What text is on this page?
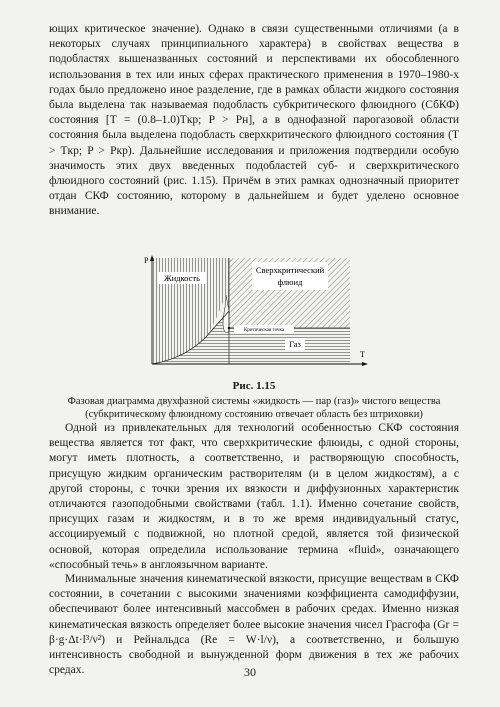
ющих критическое значение). Однако в связи существенными отличиями (а в некоторых случаях принципиального характера) в свойствах вещества в подобластях вышеназванных состояний и перспективами их обособленного использования в тех или иных сферах практического применения в 1970–1980-х годах было предложено иное разделение, где в рамках области жидкого состояния была выделена так называемая подобласть субкритического флюидного (СбКФ) состояния [T = (0.8–1.0)Tкр; P > Pн], а в однофазной парогазовой области состояния была выделена подобласть сверхкритического флюидного состояния (T > Tкр; P > Pкр). Дальнейшие исследования и приложения подтвердили особую значимость этих двух введенных подобластей суб- и сверхкритического флюидного состояний (рис. 1.15). Причём в этих рамках однозначный приоритет отдан СКФ состоянию, которому в дальнейшем и будет уделено основное внимание.

Жидкость
Сверхкритический
флюид
Критическая точка
Газ
P
T
Рис. 1.15
Фазовая диаграмма двухфазной системы «жидкость — пар (газ)» чистого вещества (субкритическому флюидному состоянию отвечает область без штриховки)

Одной из привлекательных для технологий особенностью СКФ состояния вещества является тот факт, что сверхкритические флюиды, с одной стороны, могут иметь плотность, а соответственно, и растворяющую способность, присущую жидким органическим растворителям (и в целом жидкостям), а с другой стороны, с точки зрения их вязкости и диффузионных характеристик отличаются газоподобными свойствами (табл. 1.1). Именно сочетание свойств, присущих газам и жидкостям, и в то же время индивидуальный статус, ассоциируемый с подвижной, но плотной средой, является той физической основой, которая определила использование термина «fluid», означающего «способный течь» в англоязычном варианте.

Минимальные значения кинематической вязкости, присущие веществам в СКФ состоянии, в сочетании с высокими значениями коэффициента самодиффузии, обеспечивают более интенсивный массобмен в рабочих средах. Именно низкая кинематическая вязкость определяет более высокие значения чисел Грасгофа (Gr = β·g·Δt·l³/ν²) и Рейнальдса (Re = W·l/ν), а соответственно, и большую интенсивность свободной и вынужденной форм движения в тех же рабочих средах.	30
